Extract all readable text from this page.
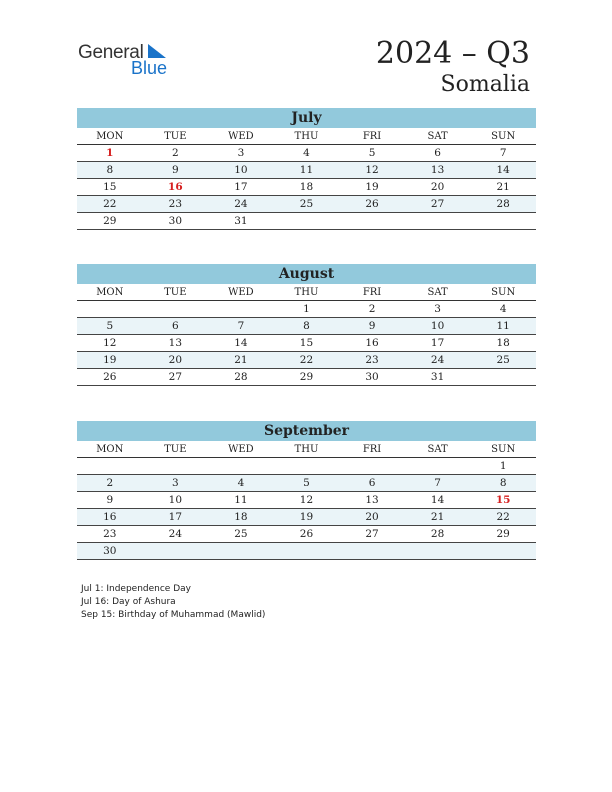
General
Blue	2024 – Q3
Somalia
July
MON	TUE	WED	THU	FRI	SAT	SUN
1	2	3	4	5	6	7
8	9	10	11	12	13	14
15	16	17	18	19	20	21
22	23	24	25	26	27	28
29	30	31				
August
MON	TUE	WED	THU	FRI	SAT	SUN
			1	2	3	4
5	6	7	8	9	10	11
12	13	14	15	16	17	18
19	20	21	22	23	24	25
26	27	28	29	30	31	
September
MON	TUE	WED	THU	FRI	SAT	SUN
						1
2	3	4	5	6	7	8
9	10	11	12	13	14	15
16	17	18	19	20	21	22
23	24	25	26	27	28	29
30						
Jul 1: Independence Day
Jul 16: Day of Ashura
Sep 15: Birthday of Muhammad (Mawlid)
